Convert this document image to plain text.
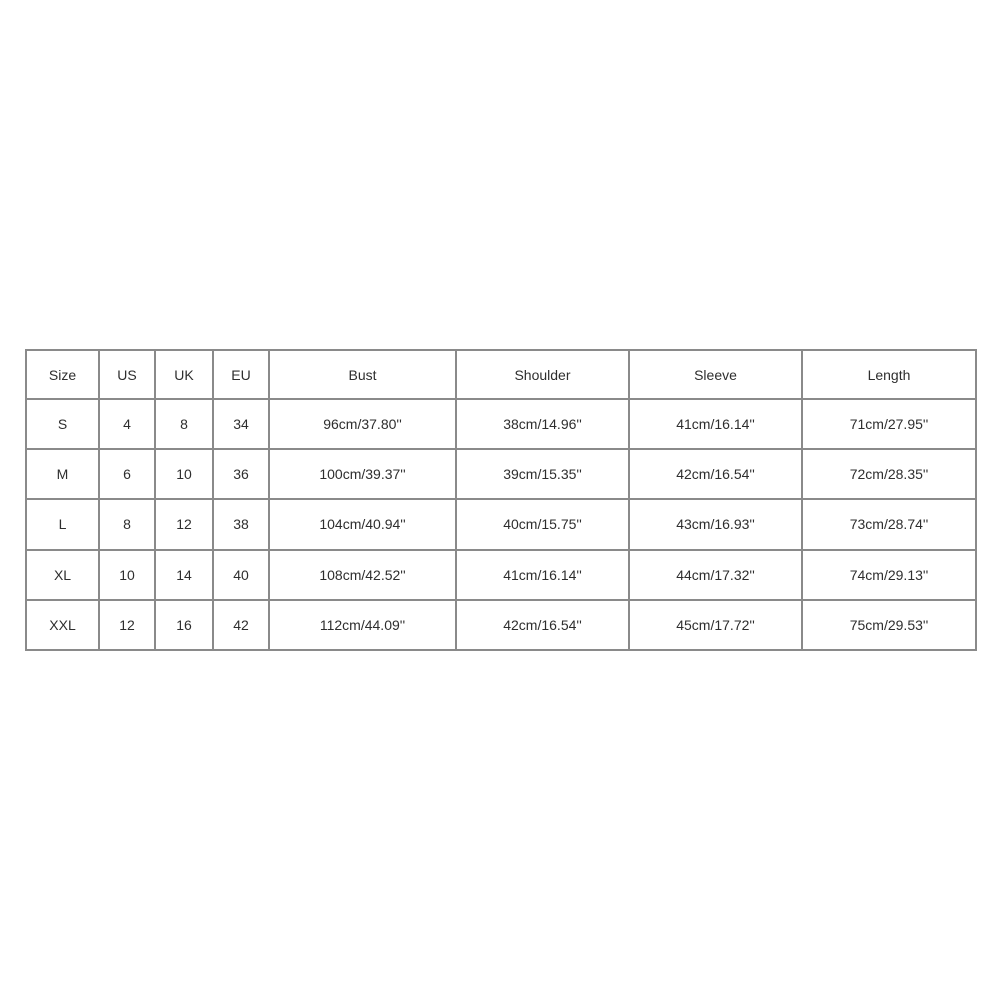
Size	US	UK	EU	Bust	Shoulder	Sleeve	Length
S	4	8	34	96cm/37.80''	38cm/14.96''	41cm/16.14''	71cm/27.95''
M	6	10	36	100cm/39.37''	39cm/15.35''	42cm/16.54''	72cm/28.35''
L	8	12	38	104cm/40.94''	40cm/15.75''	43cm/16.93''	73cm/28.74''
XL	10	14	40	108cm/42.52''	41cm/16.14''	44cm/17.32''	74cm/29.13''
XXL	12	16	42	112cm/44.09''	42cm/16.54''	45cm/17.72''	75cm/29.53''
